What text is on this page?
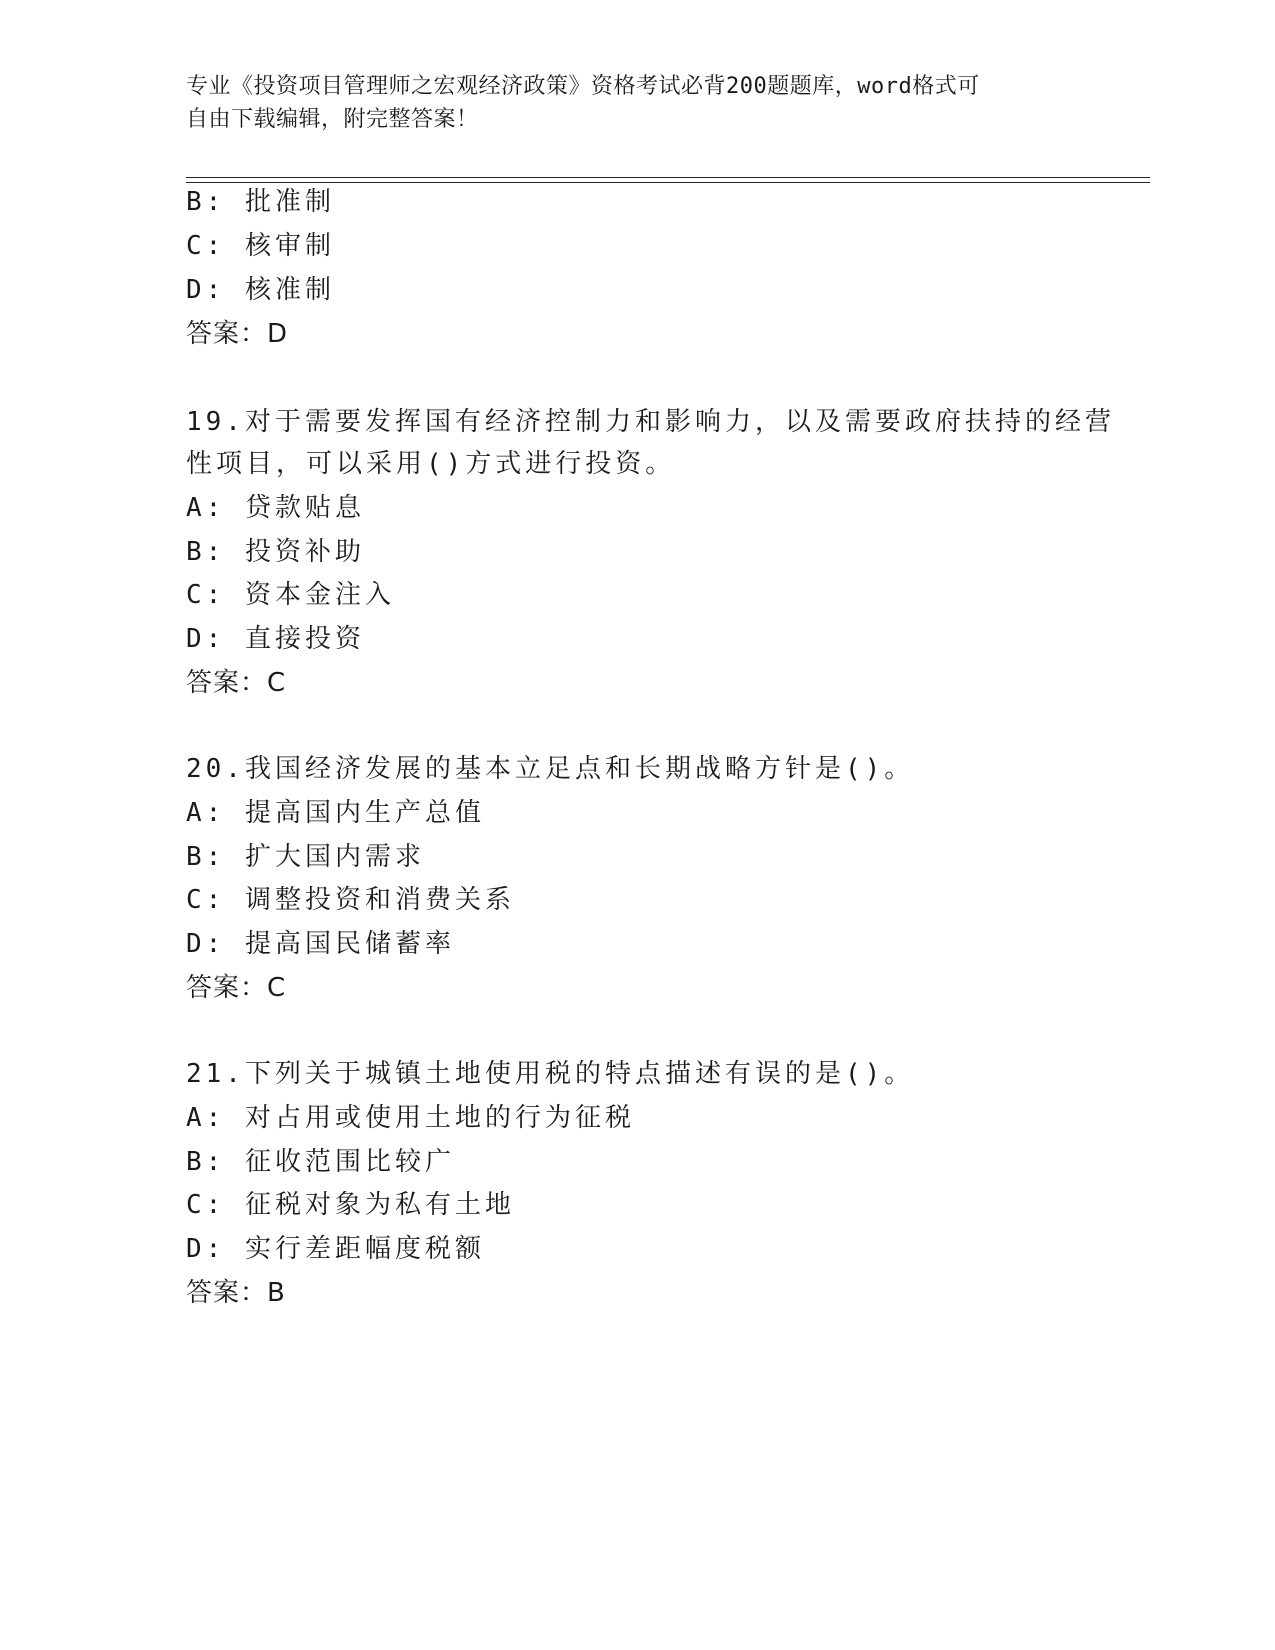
专业《投资项目管理师之宏观经济政策》资格考试必背200题题库，word格式可
自由下载编辑，附完整答案！
B: 批准制
C: 核审制
D: 核准制
答案：D
19.对于需要发挥国有经济控制力和影响力，以及需要政府扶持的经营
性项目，可以采用()方式进行投资。
A: 贷款贴息
B: 投资补助
C: 资本金注入
D: 直接投资
答案：C
20.我国经济发展的基本立足点和长期战略方针是()。
A: 提高国内生产总值
B: 扩大国内需求
C: 调整投资和消费关系
D: 提高国民储蓄率
答案：C
21.下列关于城镇土地使用税的特点描述有误的是()。
A: 对占用或使用土地的行为征税
B: 征收范围比较广
C: 征税对象为私有土地
D: 实行差距幅度税额
答案：B
